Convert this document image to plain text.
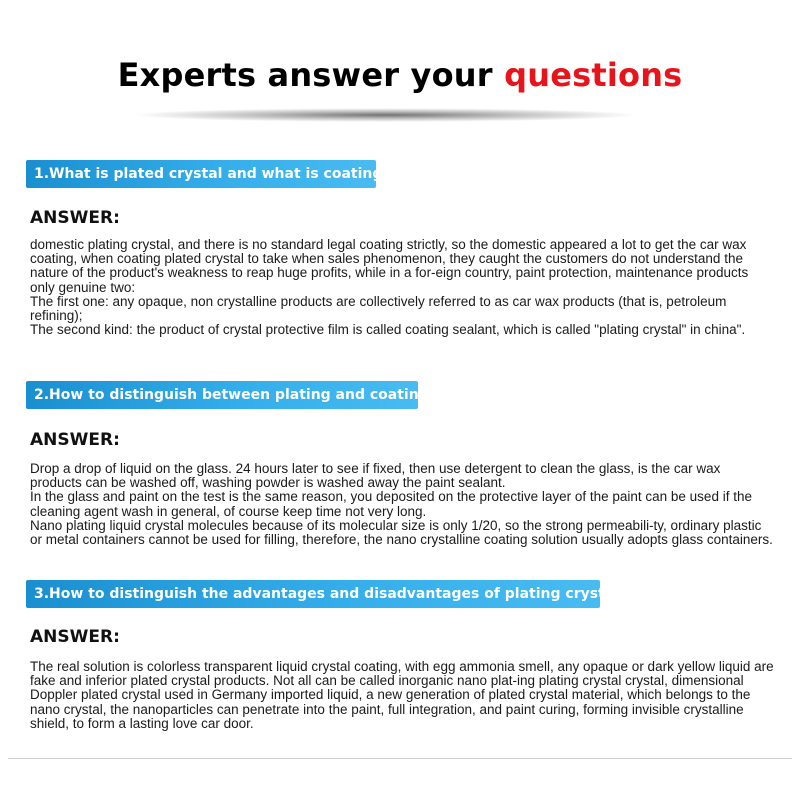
Experts answer your questions
1.What is plated crystal and what is coating?
ANSWER:

domestic plating crystal, and there is no standard legal coating strictly, so the domestic appeared a lot to get the car wax coating, when coating plated crystal to take when sales phenomenon, they caught the customers do not understand the nature of the product's weakness to reap huge profits, while in a for-eign country, paint protection, maintenance products only genuine two:

The first one: any opaque, non crystalline products are collectively referred to as car wax products (that is, petroleum refining);

The second kind: the product of crystal protective film is called coating sealant, which is called "plating crystal" in china".

2.How to distinguish between plating and coating ?
ANSWER:

Drop a drop of liquid on the glass. 24 hours later to see if fixed, then use detergent to clean the glass, is the car wax products can be washed off, washing powder is washed away the paint sealant.

In the glass and paint on the test is the same reason, you deposited on the protective layer of the paint can be used if the cleaning agent wash in general, of course keep time not very long.

Nano plating liquid crystal molecules because of its molecular size is only 1/20, so the strong permeabili-ty, ordinary plastic or metal containers cannot be used for filling, therefore, the nano crystalline coating solution usually adopts glass containers.

3.How to distinguish the advantages and disadvantages of plating crystal ?
ANSWER:

The real solution is colorless transparent liquid crystal coating, with egg ammonia smell, any opaque or dark yellow liquid are fake and inferior plated crystal products. Not all can be called inorganic nano plat-ing plating crystal crystal, dimensional Doppler plated crystal used in Germany imported liquid, a new generation of plated crystal material, which belongs to the nano crystal, the nanoparticles can penetrate into the paint, full integration, and paint curing, forming invisible crystalline shield, to form a lasting love car door.
